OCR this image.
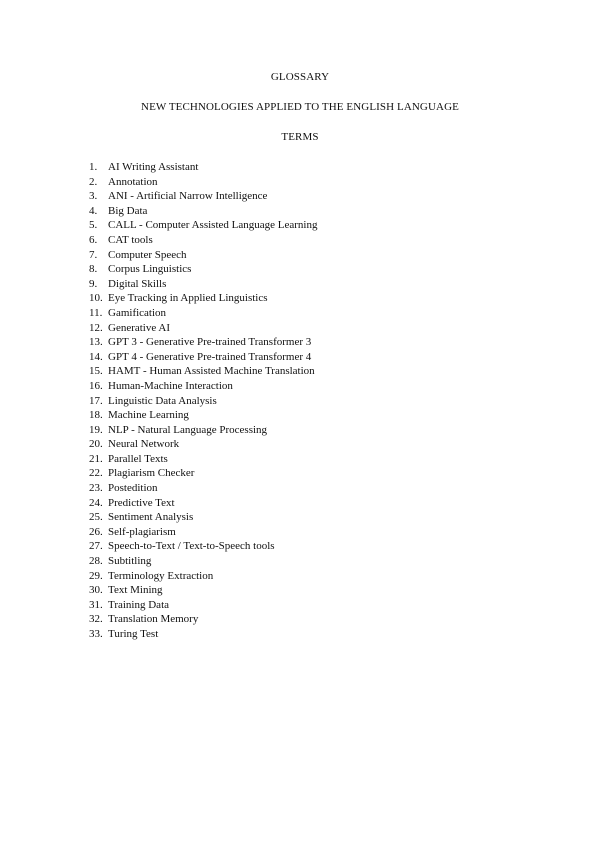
GLOSSARY
NEW TECHNOLOGIES APPLIED TO THE ENGLISH LANGUAGE
TERMS
1. AI Writing Assistant
2. Annotation
3. ANI - Artificial Narrow Intelligence
4. Big Data
5. CALL - Computer Assisted Language Learning
6. CAT tools
7. Computer Speech
8. Corpus Linguistics
9. Digital Skills
10. Eye Tracking in Applied Linguistics
11. Gamification
12. Generative AI
13. GPT 3 - Generative Pre-trained Transformer 3
14. GPT 4 - Generative Pre-trained Transformer 4
15. HAMT - Human Assisted Machine Translation
16. Human-Machine Interaction
17. Linguistic Data Analysis
18. Machine Learning
19. NLP - Natural Language Processing
20. Neural Network
21. Parallel Texts
22. Plagiarism Checker
23. Postedition
24. Predictive Text
25. Sentiment Analysis
26. Self-plagiarism
27. Speech-to-Text / Text-to-Speech tools
28. Subtitling
29. Terminology Extraction
30. Text Mining
31. Training Data
32. Translation Memory
33. Turing Test
